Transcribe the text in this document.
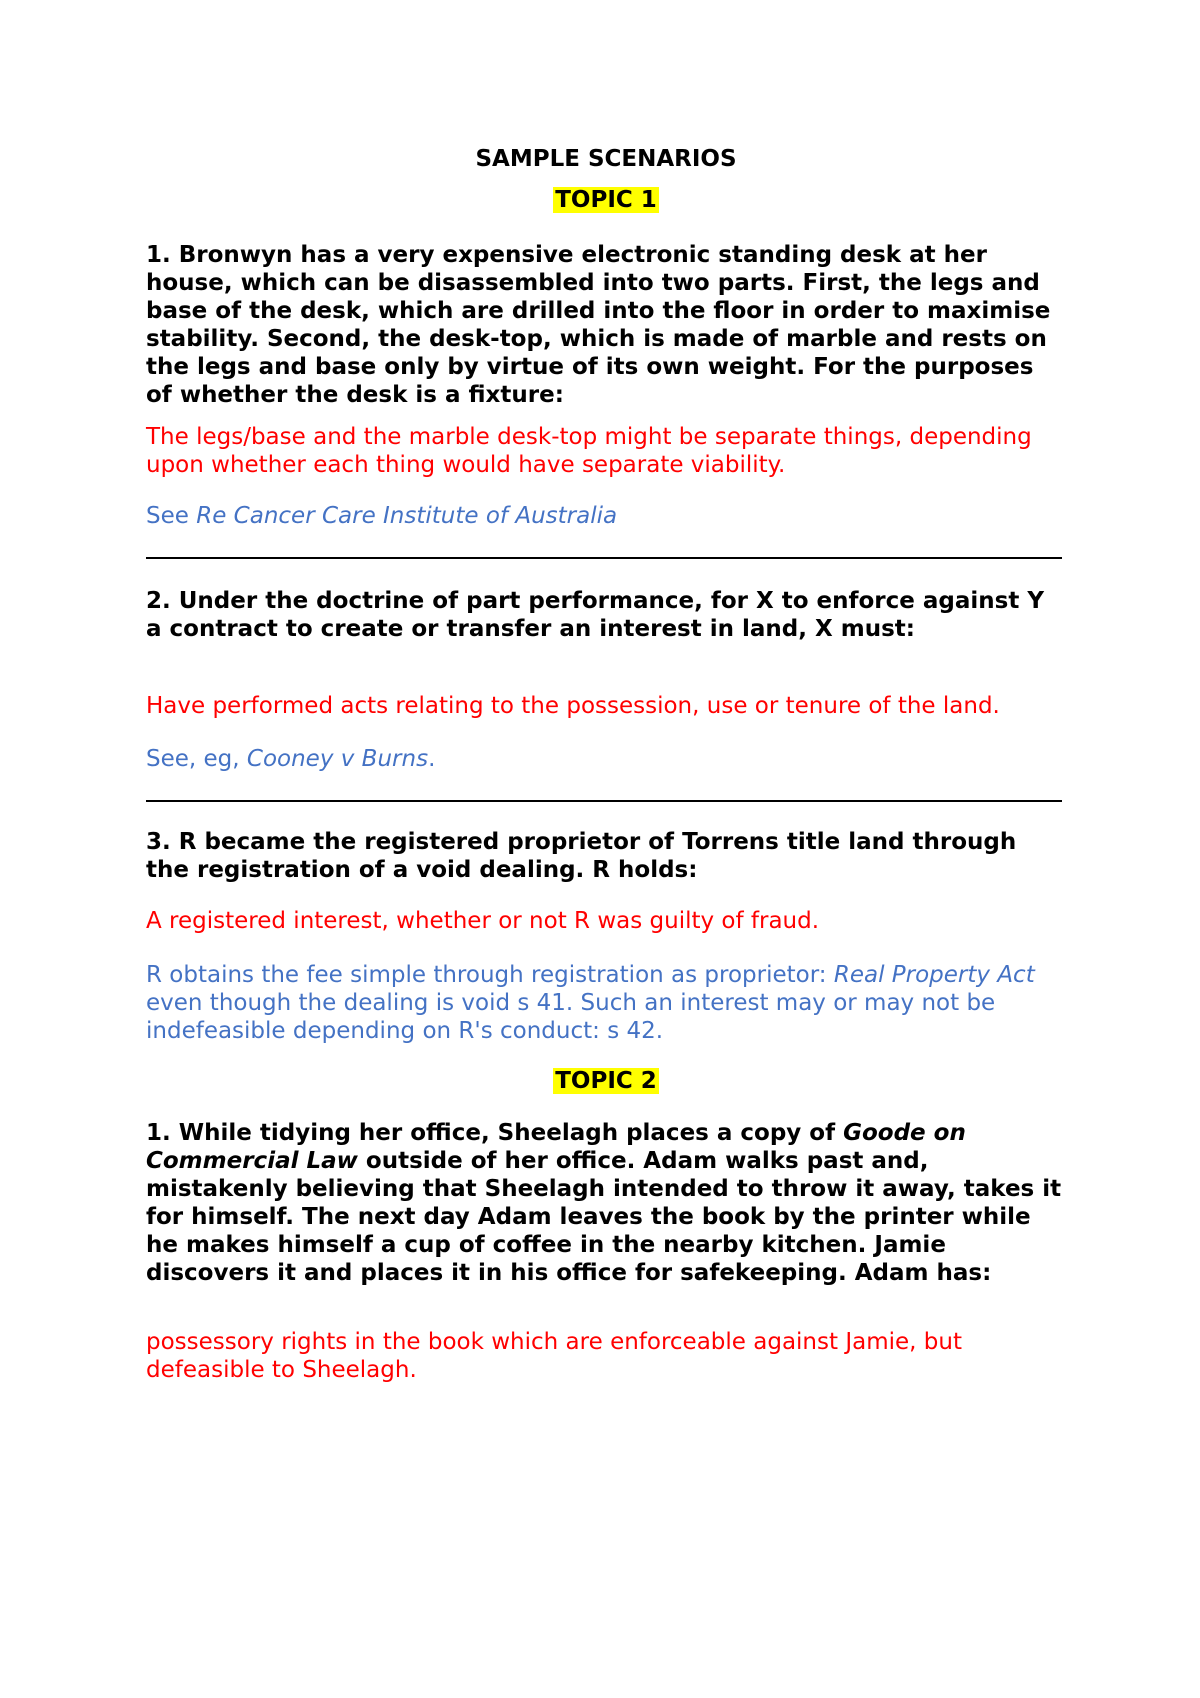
SAMPLE SCENARIOS
TOPIC 1

1. Bronwyn has a very expensive electronic standing desk at her house, which can be disassembled into two parts. First, the legs and base of the desk, which are drilled into the floor in order to maximise stability. Second, the desk-top, which is made of marble and rests on the legs and base only by virtue of its own weight. For the purposes of whether the desk is a fixture:

The legs/base and the marble desk-top might be separate things, depending upon whether each thing would have separate viability.

See Re Cancer Care Institute of Australia

2. Under the doctrine of part performance, for X to enforce against Y a contract to create or transfer an interest in land, X must:

Have performed acts relating to the possession, use or tenure of the land.

See, eg, Cooney v Burns.

3. R became the registered proprietor of Torrens title land through the registration of a void dealing. R holds:

A registered interest, whether or not R was guilty of fraud.

R obtains the fee simple through registration as proprietor: Real Property Act even though the dealing is void s 41. Such an interest may or may not be indefeasible depending on R's conduct: s 42.

TOPIC 2

1. While tidying her office, Sheelagh places a copy of Goode on Commercial Law outside of her office. Adam walks past and, mistakenly believing that Sheelagh intended to throw it away, takes it for himself. The next day Adam leaves the book by the printer while he makes himself a cup of coffee in the nearby kitchen. Jamie discovers it and places it in his office for safekeeping. Adam has:

possessory rights in the book which are enforceable against Jamie, but defeasible to Sheelagh.
